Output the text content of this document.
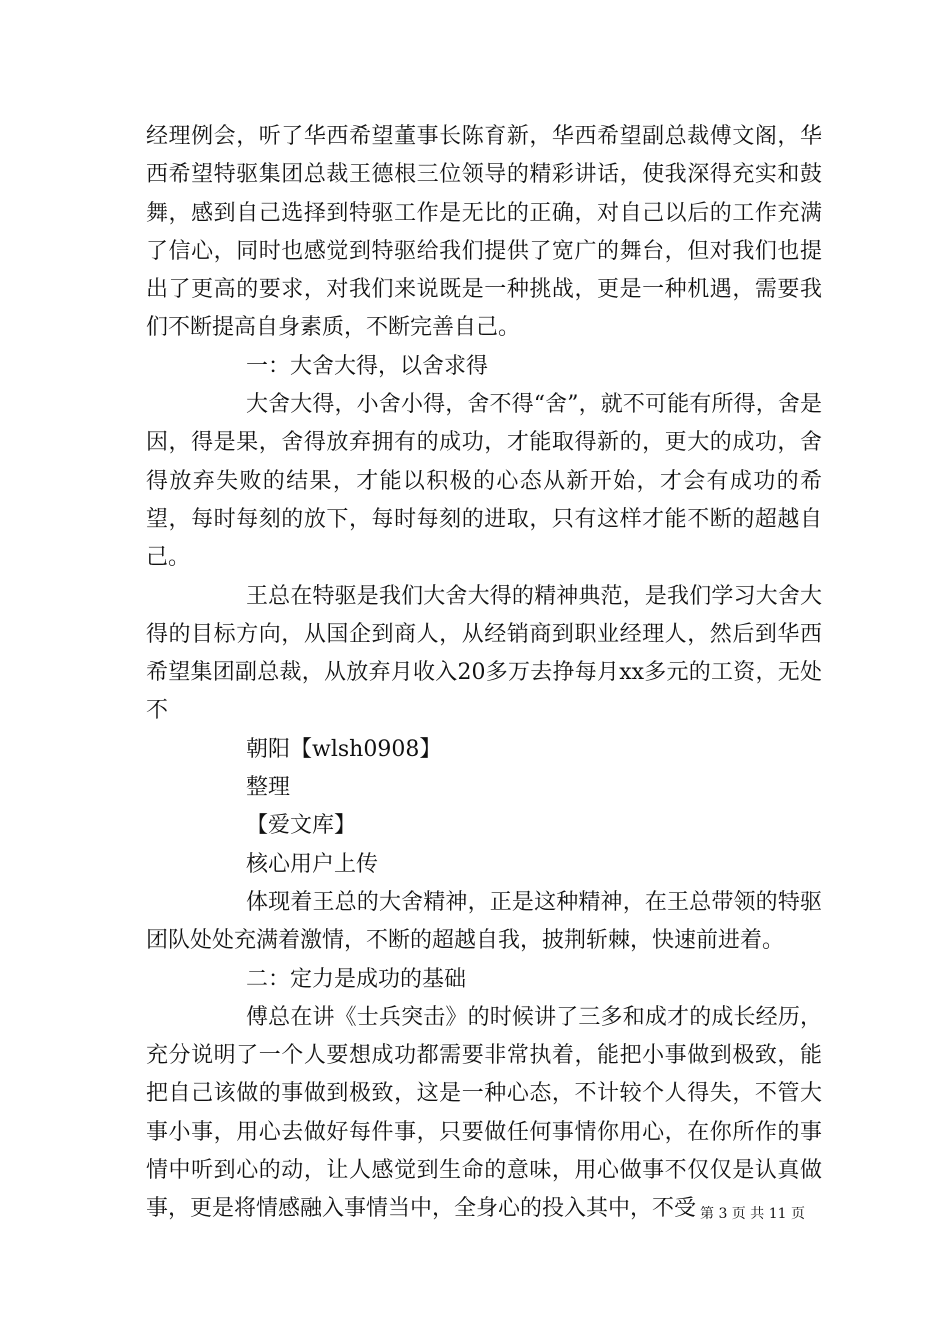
经理例会，听了华西希望董事长陈育新，华西希望副总裁傅文阁，华西希望特驱集团总裁王德根三位领导的精彩讲话，使我深得充实和鼓舞，感到自己选择到特驱工作是无比的正确，对自己以后的工作充满了信心，同时也感觉到特驱给我们提供了宽广的舞台，但对我们也提出了更高的要求，对我们来说既是一种挑战，更是一种机遇，需要我们不断提高自身素质，不断完善自己。

一：大舍大得，以舍求得

大舍大得，小舍小得，舍不得“舍”，就不可能有所得，舍是因，得是果，舍得放弃拥有的成功，才能取得新的，更大的成功，舍得放弃失败的结果，才能以积极的心态从新开始，才会有成功的希望，每时每刻的放下，每时每刻的进取，只有这样才能不断的超越自己。

王总在特驱是我们大舍大得的精神典范，是我们学习大舍大得的目标方向，从国企到商人，从经销商到职业经理人，然后到华西希望集团副总裁，从放弃月收入20多万去挣每月xx多元的工资，无处不

朝阳【wlsh0908】

整理

【爱文库】

核心用户上传

体现着王总的大舍精神，正是这种精神，在王总带领的特驱团队处处充满着激情，不断的超越自我，披荆斩棘，快速前进着。

二：定力是成功的基础

傅总在讲《士兵突击》的时候讲了三多和成才的成长经历，充分说明了一个人要想成功都需要非常执着，能把小事做到极致，能把自己该做的事做到极致，这是一种心态，不计较个人得失，不管大事小事，用心去做好每件事，只要做任何事情你用心，在你所作的事情中听到心的动，让人感觉到生命的意味，用心做事不仅仅是认真做事，更是将情感融入事情当中，全身心的投入其中，不受 第 3 页 共 11 页
